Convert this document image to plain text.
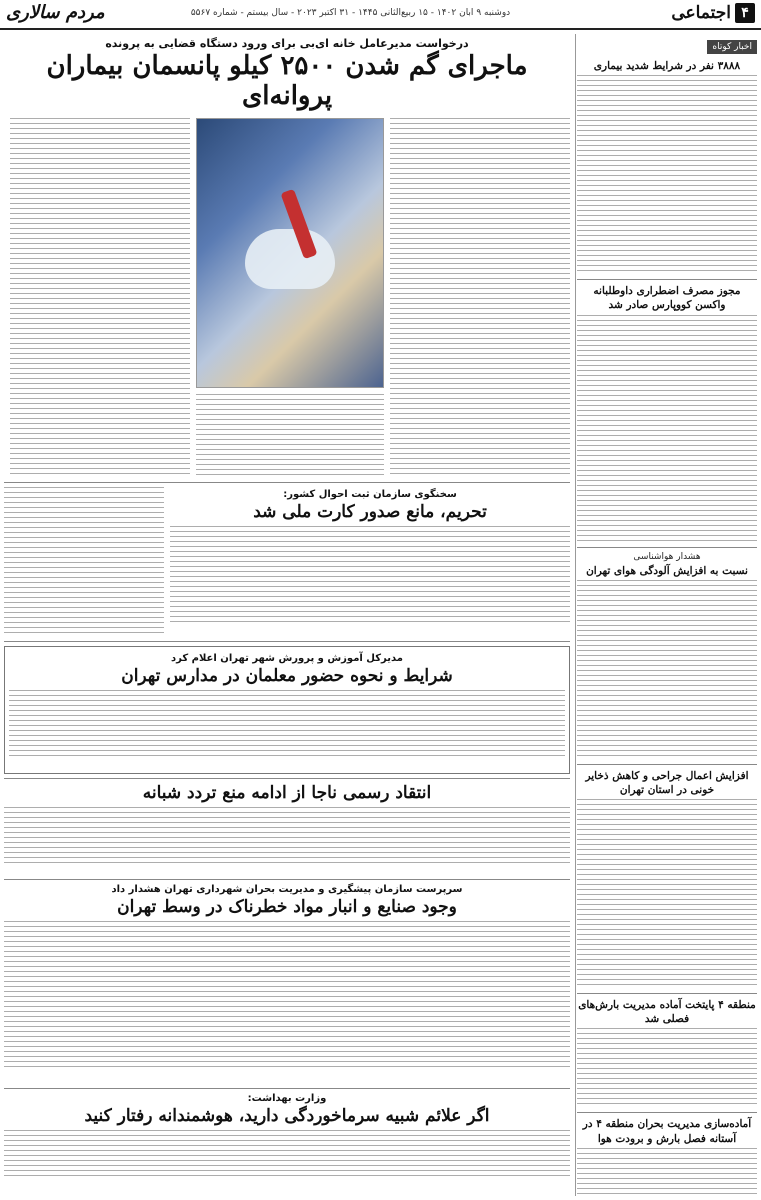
۴
اجتماعی
دوشنبه ۹ آبان ۱۴۰۲ - ۱۵ ربیع‌الثانی ۱۴۴۵ - ۳۱ اکتبر ۲۰۲۳ - سال بیستم - شماره ۵۵۶۷
مردم سالاری
اخبار کوتاه
۳۸۸۸ نفر در شرایط شدید بیماری
مجوز مصرف اضطراری داوطلبانه واکسن کووپارس صادر شد
هشدار هواشناسی
نسبت به افزایش آلودگی هوای تهران
افزایش اعمال جراحی و کاهش ذخایر خونی در استان تهران
منطقه ۴ پایتخت آماده مدیریت بارش‌های فصلی شد
آماده‌سازی مدیریت بحران منطقه ۴ در آستانه فصل بارش و برودت هوا
درخواست مدیرعامل خانه ای‌بی برای ورود دستگاه قضایی به پرونده
ماجرای گم شدن ۲۵۰۰ کیلو پانسمان بیماران پروانه‌ای
سخنگوی سازمان ثبت احوال کشور:
تحریم، مانع صدور کارت ملی شد
مدیرکل آموزش و پرورش شهر تهران اعلام کرد
شرایط و نحوه حضور معلمان در مدارس تهران
انتقاد رسمی ناجا از ادامه منع تردد شبانه
سرپرست سازمان پیشگیری و مدیریت بحران شهرداری تهران هشدار داد
وجود صنایع و انبار مواد خطرناک در وسط تهران
وزارت بهداشت:
اگر علائم شبیه سرماخوردگی دارید، هوشمندانه رفتار کنید
